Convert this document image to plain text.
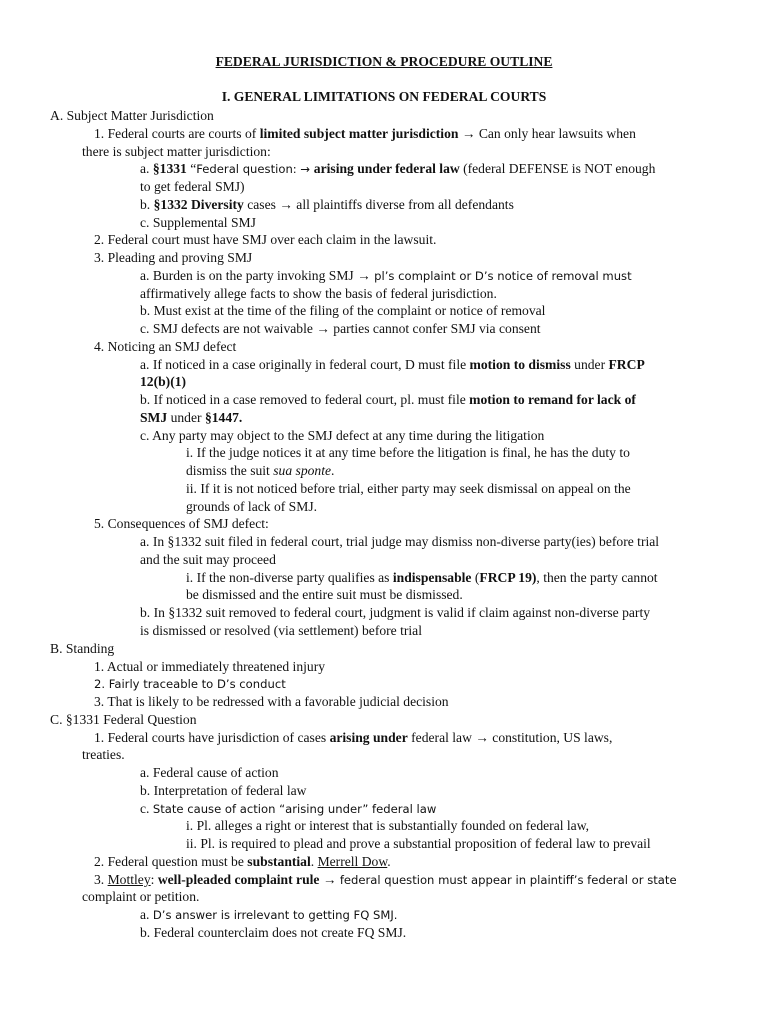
FEDERAL JURISDICTION & PROCEDURE OUTLINE
I. GENERAL LIMITATIONS ON FEDERAL COURTS
A. Subject Matter Jurisdiction
1. Federal courts are courts of limited subject matter jurisdiction → Can only hear lawsuits when
there is subject matter jurisdiction:
a. §1331 “Federal question: → arising under federal law (federal DEFENSE is NOT enough
to get federal SMJ)
b. §1332 Diversity cases → all plaintiffs diverse from all defendants
c. Supplemental SMJ
2. Federal court must have SMJ over each claim in the lawsuit.
3. Pleading and proving SMJ
a. Burden is on the party invoking SMJ → pl’s complaint or D’s notice of removal must
affirmatively allege facts to show the basis of federal jurisdiction.
b. Must exist at the time of the filing of the complaint or notice of removal
c. SMJ defects are not waivable → parties cannot confer SMJ via consent
4. Noticing an SMJ defect
a. If noticed in a case originally in federal court, D must file motion to dismiss under FRCP
12(b)(1)
b. If noticed in a case removed to federal court, pl. must file motion to remand for lack of
SMJ under §1447.
c. Any party may object to the SMJ defect at any time during the litigation
i. If the judge notices it at any time before the litigation is final, he has the duty to
dismiss the suit sua sponte.
ii. If it is not noticed before trial, either party may seek dismissal on appeal on the
grounds of lack of SMJ.
5. Consequences of SMJ defect:
a. In §1332 suit filed in federal court, trial judge may dismiss non-diverse party(ies) before trial
and the suit may proceed
i. If the non-diverse party qualifies as indispensable (FRCP 19), then the party cannot
be dismissed and the entire suit must be dismissed.
b. In §1332 suit removed to federal court, judgment is valid if claim against non-diverse party
is dismissed or resolved (via settlement) before trial
B. Standing
1. Actual or immediately threatened injury
2. Fairly traceable to D’s conduct
3. That is likely to be redressed with a favorable judicial decision
C. §1331 Federal Question
1. Federal courts have jurisdiction of cases arising under federal law → constitution, US laws,
treaties.
a. Federal cause of action
b. Interpretation of federal law
c. State cause of action “arising under” federal law
i. Pl. alleges a right or interest that is substantially founded on federal law,
ii. Pl. is required to plead and prove a substantial proposition of federal law to prevail
2. Federal question must be substantial. Merrell Dow.
3. Mottley: well-pleaded complaint rule → federal question must appear in plaintiff’s federal or state
complaint or petition.
a. D’s answer is irrelevant to getting FQ SMJ.
b. Federal counterclaim does not create FQ SMJ.
